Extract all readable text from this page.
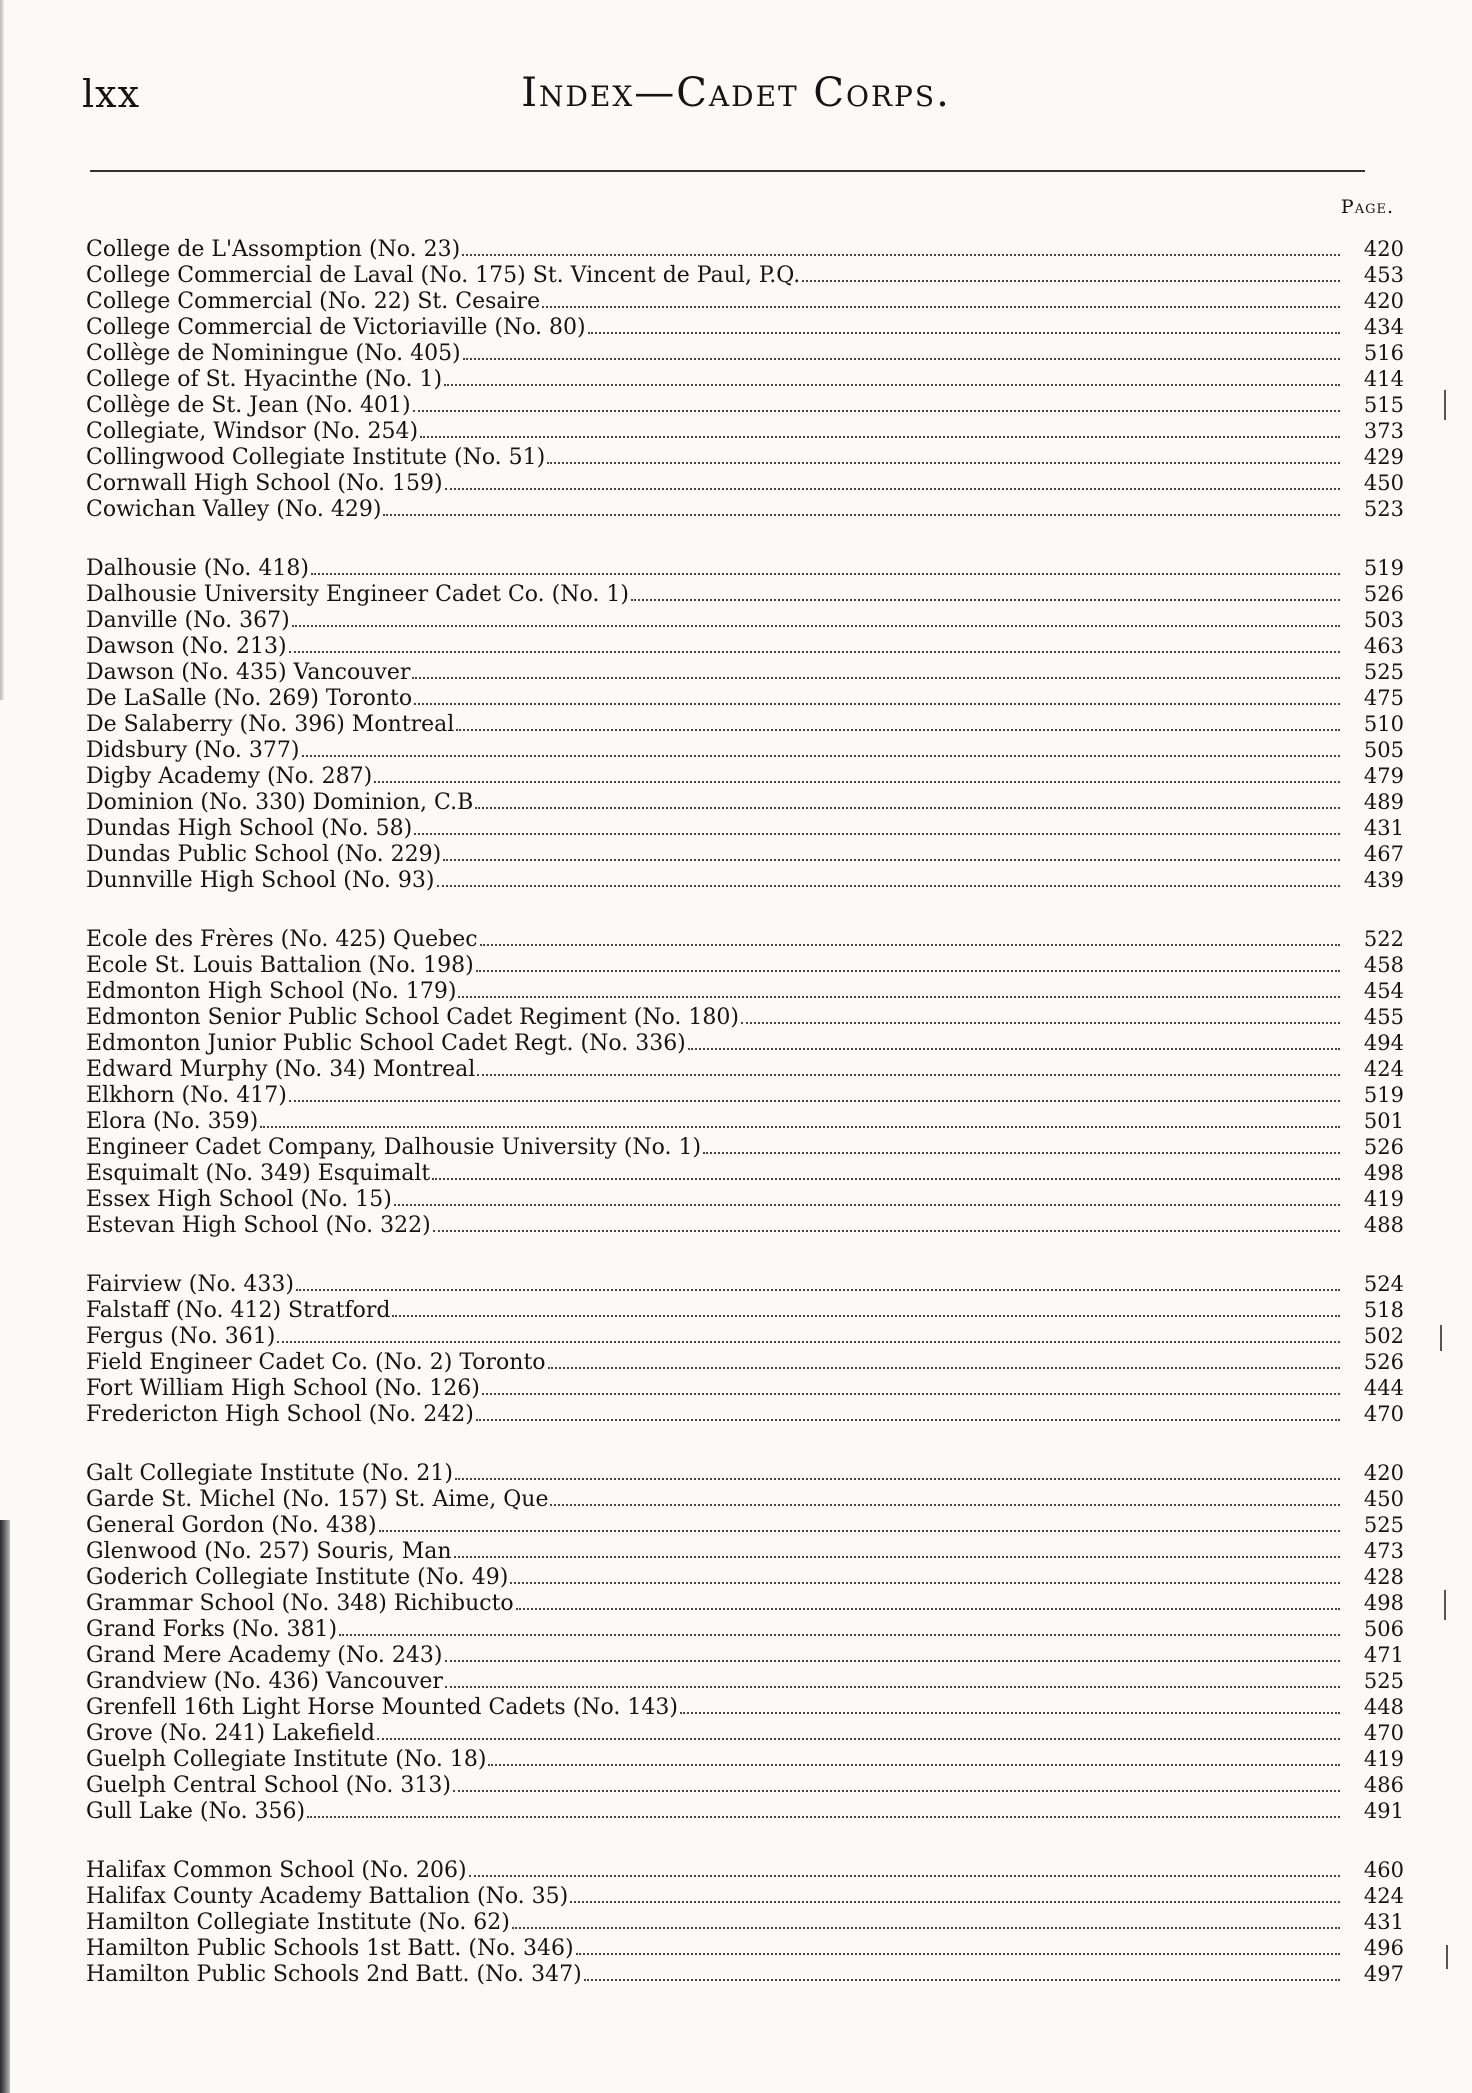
lxx	Index—Cadet Corps.
Page.
College de L'Assomption (No. 23)	420
College Commercial de Laval (No. 175) St. Vincent de Paul, P.Q.	453
College Commercial (No. 22) St. Cesaire	420
College Commercial de Victoriaville (No. 80)	434
Collège de Nominingue (No. 405)	516
College of St. Hyacinthe (No. 1)	414
Collège de St. Jean (No. 401)	515
Collegiate, Windsor (No. 254)	373
Collingwood Collegiate Institute (No. 51)	429
Cornwall High School (No. 159)	450
Cowichan Valley (No. 429)	523
Dalhousie (No. 418)	519
Dalhousie University Engineer Cadet Co. (No. 1)	526
Danville (No. 367)	503
Dawson (No. 213)	463
Dawson (No. 435) Vancouver	525
De LaSalle (No. 269) Toronto	475
De Salaberry (No. 396) Montreal	510
Didsbury (No. 377)	505
Digby Academy (No. 287)	479
Dominion (No. 330) Dominion, C.B	489
Dundas High School (No. 58)	431
Dundas Public School (No. 229)	467
Dunnville High School (No. 93)	439
Ecole des Frères (No. 425) Quebec	522
Ecole St. Louis Battalion (No. 198)	458
Edmonton High School (No. 179)	454
Edmonton Senior Public School Cadet Regiment (No. 180)	455
Edmonton Junior Public School Cadet Regt. (No. 336)	494
Edward Murphy (No. 34) Montreal	424
Elkhorn (No. 417)	519
Elora (No. 359)	501
Engineer Cadet Company, Dalhousie University (No. 1)	526
Esquimalt (No. 349) Esquimalt	498
Essex High School (No. 15)	419
Estevan High School (No. 322)	488
Fairview (No. 433)	524
Falstaff (No. 412) Stratford	518
Fergus (No. 361)	502
Field Engineer Cadet Co. (No. 2) Toronto	526
Fort William High School (No. 126)	444
Fredericton High School (No. 242)	470
Galt Collegiate Institute (No. 21)	420
Garde St. Michel (No. 157) St. Aime, Que	450
General Gordon (No. 438)	525
Glenwood (No. 257) Souris, Man	473
Goderich Collegiate Institute (No. 49)	428
Grammar School (No. 348) Richibucto	498
Grand Forks (No. 381)	506
Grand Mere Academy (No. 243)	471
Grandview (No. 436) Vancouver	525
Grenfell 16th Light Horse Mounted Cadets (No. 143)	448
Grove (No. 241) Lakefield	470
Guelph Collegiate Institute (No. 18)	419
Guelph Central School (No. 313)	486
Gull Lake (No. 356)	491
Halifax Common School (No. 206)	460
Halifax County Academy Battalion (No. 35)	424
Hamilton Collegiate Institute (No. 62)	431
Hamilton Public Schools 1st Batt. (No. 346)	496
Hamilton Public Schools 2nd Batt. (No. 347)	497
